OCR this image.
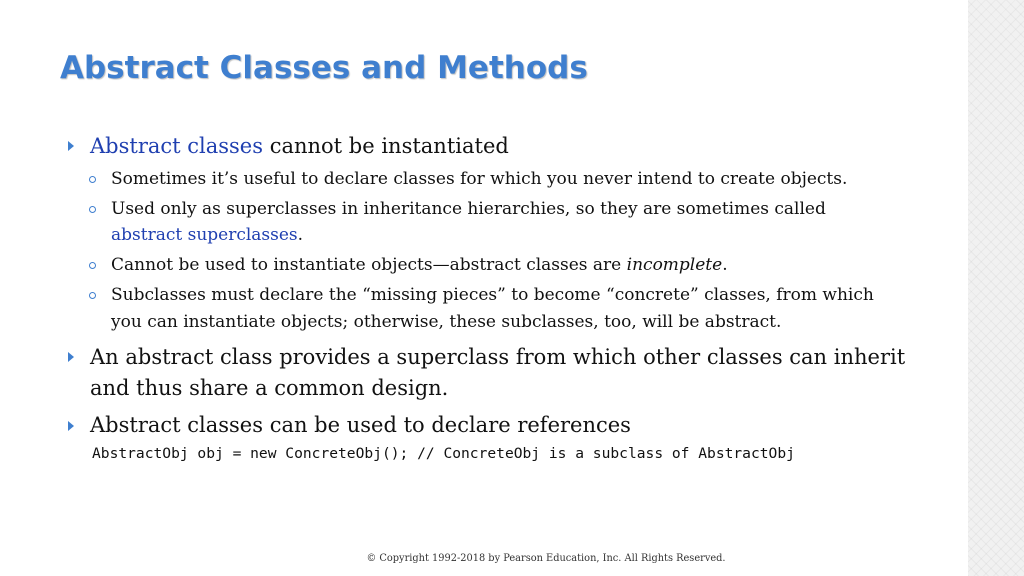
Abstract Classes and Methods
Abstract classes cannot be instantiated
Sometimes it’s useful to declare classes for which you never intend to create objects.
Used only as superclasses in inheritance hierarchies, so they are sometimes called
abstract superclasses.
Cannot be used to instantiate objects—abstract classes are incomplete.
Subclasses must declare the “missing pieces” to become “concrete” classes, from which
you can instantiate objects; otherwise, these subclasses, too, will be abstract.
An abstract class provides a superclass from which other classes can inherit
and thus share a common design.
Abstract classes can be used to declare references
AbstractObj obj = new ConcreteObj(); // ConcreteObj is a subclass of AbstractObj
© Copyright 1992-2018 by Pearson Education, Inc. All Rights Reserved.
